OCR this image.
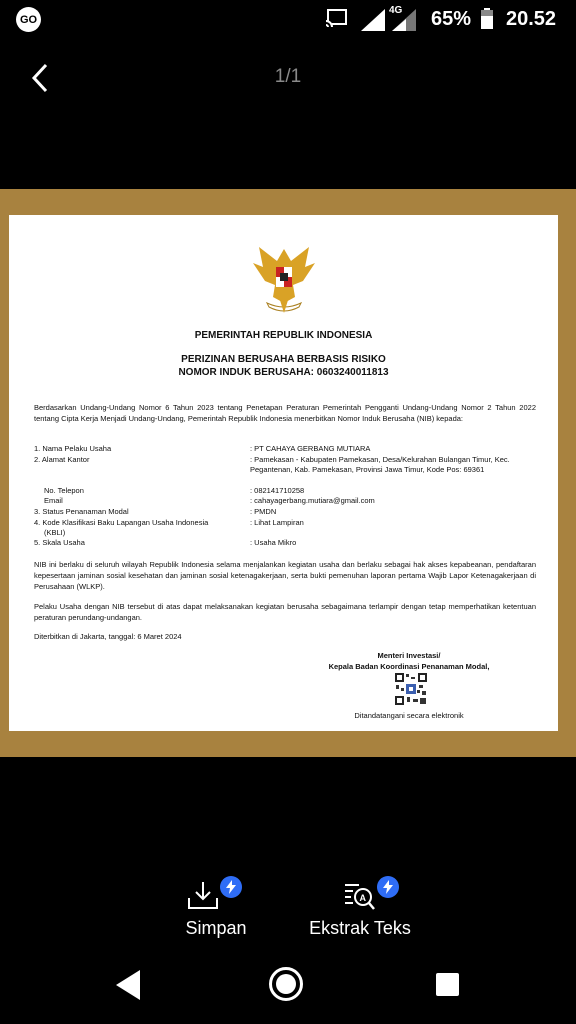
GO
4G 65% 20.52
1/1
PEMERINTAH REPUBLIK INDONESIA
PERIZINAN BERUSAHA BERBASIS RISIKO
NOMOR INDUK BERUSAHA: 0603240011813
Berdasarkan Undang-Undang Nomor 6 Tahun 2023 tentang Penetapan Peraturan Pemerintah Pengganti Undang-Undang Nomor 2 Tahun 2022 tentang Cipta Kerja Menjadi Undang-Undang, Pemerintah Republik Indonesia menerbitkan Nomor Induk Berusaha (NIB) kepada:
1. Nama Pelaku Usaha	: PT CAHAYA GERBANG MUTIARA
2. Alamat Kantor	: Pamekasan - Kabupaten Pamekasan, Desa/Kelurahan Bulangan Timur, Kec. Pegantenan, Kab. Pamekasan, Provinsi Jawa Timur, Kode Pos: 69361
No. Telepon	: 082141710258
Email	: cahayagerbang.mutiara@gmail.com
3. Status Penanaman Modal	: PMDN
4. Kode Klasifikasi Baku Lapangan Usaha Indonesia
(KBLI)
: Lihat Lampiran
5. Skala Usaha	: Usaha Mikro
NIB ini berlaku di seluruh wilayah Republik Indonesia selama menjalankan kegiatan usaha dan berlaku sebagai hak akses kepabeanan, pendaftaran kepesertaan jaminan sosial kesehatan dan jaminan sosial ketenagakerjaan, serta bukti pemenuhan laporan pertama Wajib Lapor Ketenagakerjaan di Perusahaan (WLKP).
Pelaku Usaha dengan NIB tersebut di atas dapat melaksanakan kegiatan berusaha sebagaimana terlampir dengan tetap memperhatikan ketentuan peraturan perundang-undangan.
Diterbitkan di Jakarta, tanggal: 6 Maret 2024
Menteri Investasi/
Kepala Badan Koordinasi Penanaman Modal,
Ditandatangani secara elektronik
Simpan
A
Ekstrak Teks
